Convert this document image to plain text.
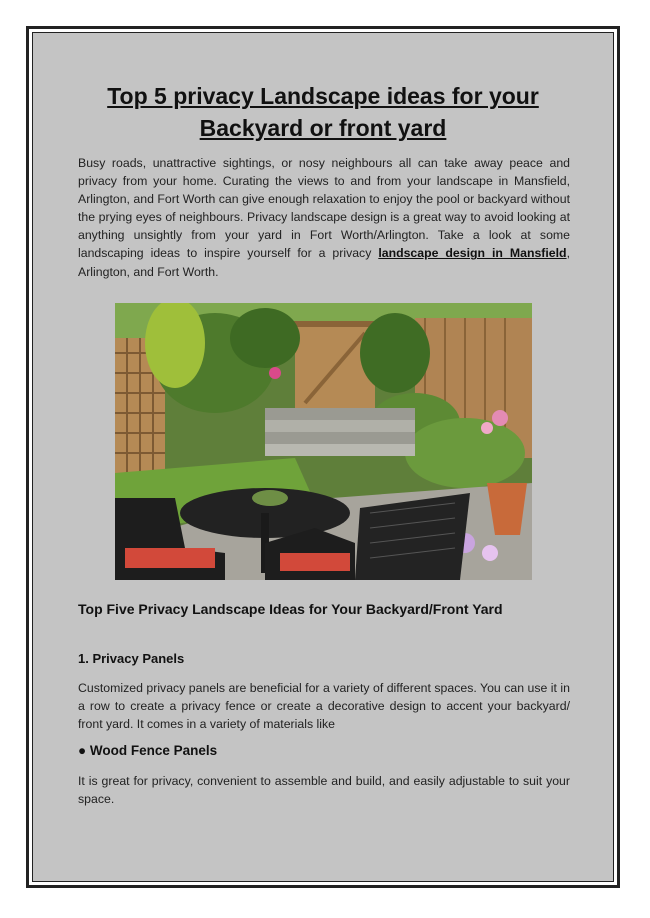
Top 5 privacy Landscape ideas for your
Backyard or front yard

Busy roads, unattractive sightings, or nosy neighbours all can take away peace and privacy from your home. Curating the views to and from your landscape in Mansfield, Arlington, and Fort Worth can give enough relaxation to enjoy the pool or backyard without the prying eyes of neighbours. Privacy landscape design is a great way to avoid looking at anything unsightly from your yard in Fort Worth/Arlington. Take a look at some landscaping ideas to inspire yourself for a privacy landscape design in Mansfield, Arlington, and Fort Worth.

Top Five Privacy Landscape Ideas for Your Backyard/Front Yard
1. Privacy Panels

Customized privacy panels are beneficial for a variety of different spaces. You can use it in a row to create a privacy fence or create a decorative design to accent your backyard/ front yard. It comes in a variety of materials like

● Wood Fence Panels

It is great for privacy, convenient to assemble and build, and easily adjustable to suit your space.
